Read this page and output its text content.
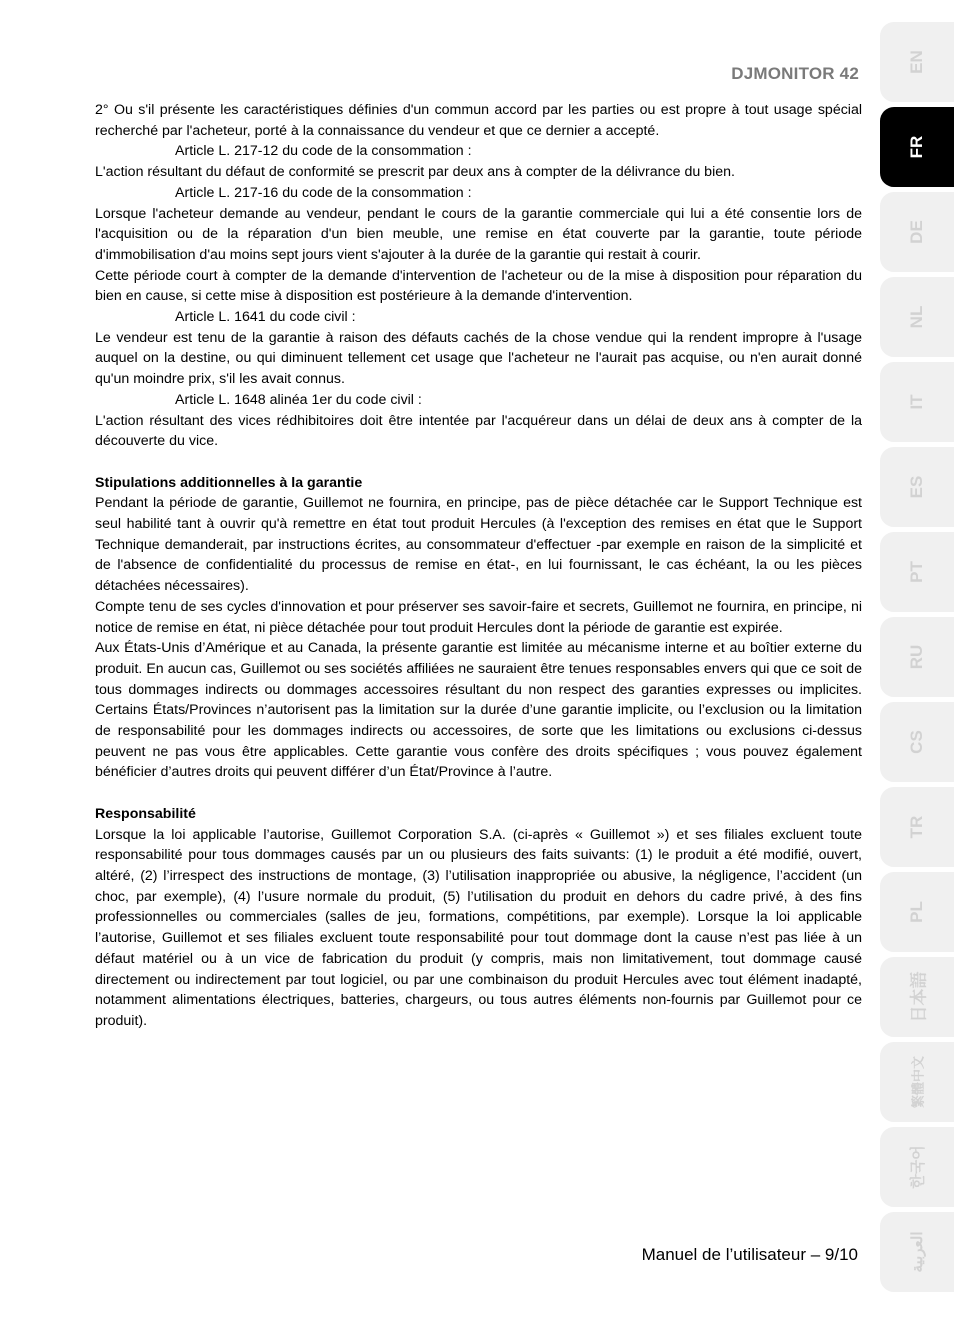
DJMONITOR 42

2° Ou s'il présente les caractéristiques définies d'un commun accord par les parties ou est propre à tout usage spécial recherché par l'acheteur, porté à la connaissance du vendeur et que ce dernier a accepté.

Article L. 217-12 du code de la consommation :

L'action résultant du défaut de conformité se prescrit par deux ans à compter de la délivrance du bien.

Article L. 217-16 du code de la consommation :

Lorsque l'acheteur demande au vendeur, pendant le cours de la garantie commerciale qui lui a été consentie lors de l'acquisition ou de la réparation d'un bien meuble, une remise en état couverte par la garantie, toute période d'immobilisation d'au moins sept jours vient s'ajouter à la durée de la garantie qui restait à courir.

Cette période court à compter de la demande d'intervention de l'acheteur ou de la mise à disposition pour réparation du bien en cause, si cette mise à disposition est postérieure à la demande d'intervention.

Article L. 1641 du code civil :

Le vendeur est tenu de la garantie à raison des défauts cachés de la chose vendue qui la rendent impropre à l'usage auquel on la destine, ou qui diminuent tellement cet usage que l'acheteur ne l'aurait pas acquise, ou n'en aurait donné qu'un moindre prix, s'il les avait connus.

Article L. 1648 alinéa 1er du code civil :

L'action résultant des vices rédhibitoires doit être intentée par l'acquéreur dans un délai de deux ans à compter de la découverte du vice.

Stipulations additionnelles à la garantie

Pendant la période de garantie, Guillemot ne fournira, en principe, pas de pièce détachée car le Support Technique est seul habilité tant à ouvrir qu'à remettre en état tout produit Hercules (à l'exception des remises en état que le Support Technique demanderait, par instructions écrites, au consommateur d'effectuer -par exemple en raison de la simplicité et de l'absence de confidentialité du processus de remise en état-, en lui fournissant, le cas échéant, la ou les pièces détachées nécessaires).

Compte tenu de ses cycles d'innovation et pour préserver ses savoir-faire et secrets, Guillemot ne fournira, en principe, ni notice de remise en état, ni pièce détachée pour tout produit Hercules dont la période de garantie est expirée.

Aux États-Unis d’Amérique et au Canada, la présente garantie est limitée au mécanisme interne et au boîtier externe du produit. En aucun cas, Guillemot ou ses sociétés affiliées ne sauraient être tenues responsables envers qui que ce soit de tous dommages indirects ou dommages accessoires résultant du non respect des garanties expresses ou implicites. Certains États/Provinces n’autorisent pas la limitation sur la durée d’une garantie implicite, ou l’exclusion ou la limitation de responsabilité pour les dommages indirects ou accessoires, de sorte que les limitations ou exclusions ci-dessus peuvent ne pas vous être applicables. Cette garantie vous confère des droits spécifiques ; vous pouvez également bénéficier d’autres droits qui peuvent différer d’un État/Province à l’autre.

Responsabilité

Lorsque la loi applicable l’autorise, Guillemot Corporation S.A. (ci-après « Guillemot ») et ses filiales excluent toute responsabilité pour tous dommages causés par un ou plusieurs des faits suivants: (1) le produit a été modifié, ouvert, altéré, (2) l’irrespect des instructions de montage, (3) l’utilisation inappropriée ou abusive, la négligence, l’accident (un choc, par exemple), (4) l’usure normale du produit, (5) l’utilisation du produit en dehors du cadre privé, à des fins professionnelles ou commerciales (salles de jeu, formations, compétitions, par exemple). Lorsque la loi applicable l’autorise, Guillemot et ses filiales excluent toute responsabilité pour tout dommage dont la cause n’est pas liée à un défaut matériel ou à un vice de fabrication du produit (y compris, mais non limitativement, tout dommage causé directement ou indirectement par tout logiciel, ou par une combinaison du produit Hercules avec tout élément inadapté, notamment alimentations électriques, batteries, chargeurs, ou tous autres éléments non-fournis par Guillemot pour ce produit).

Manuel de l’utilisateur – 9/10
EN
FR
DE
NL
IT
ES
PT
RU
CS
TR
PL
日本語
繁體中文
한국어
العربية
